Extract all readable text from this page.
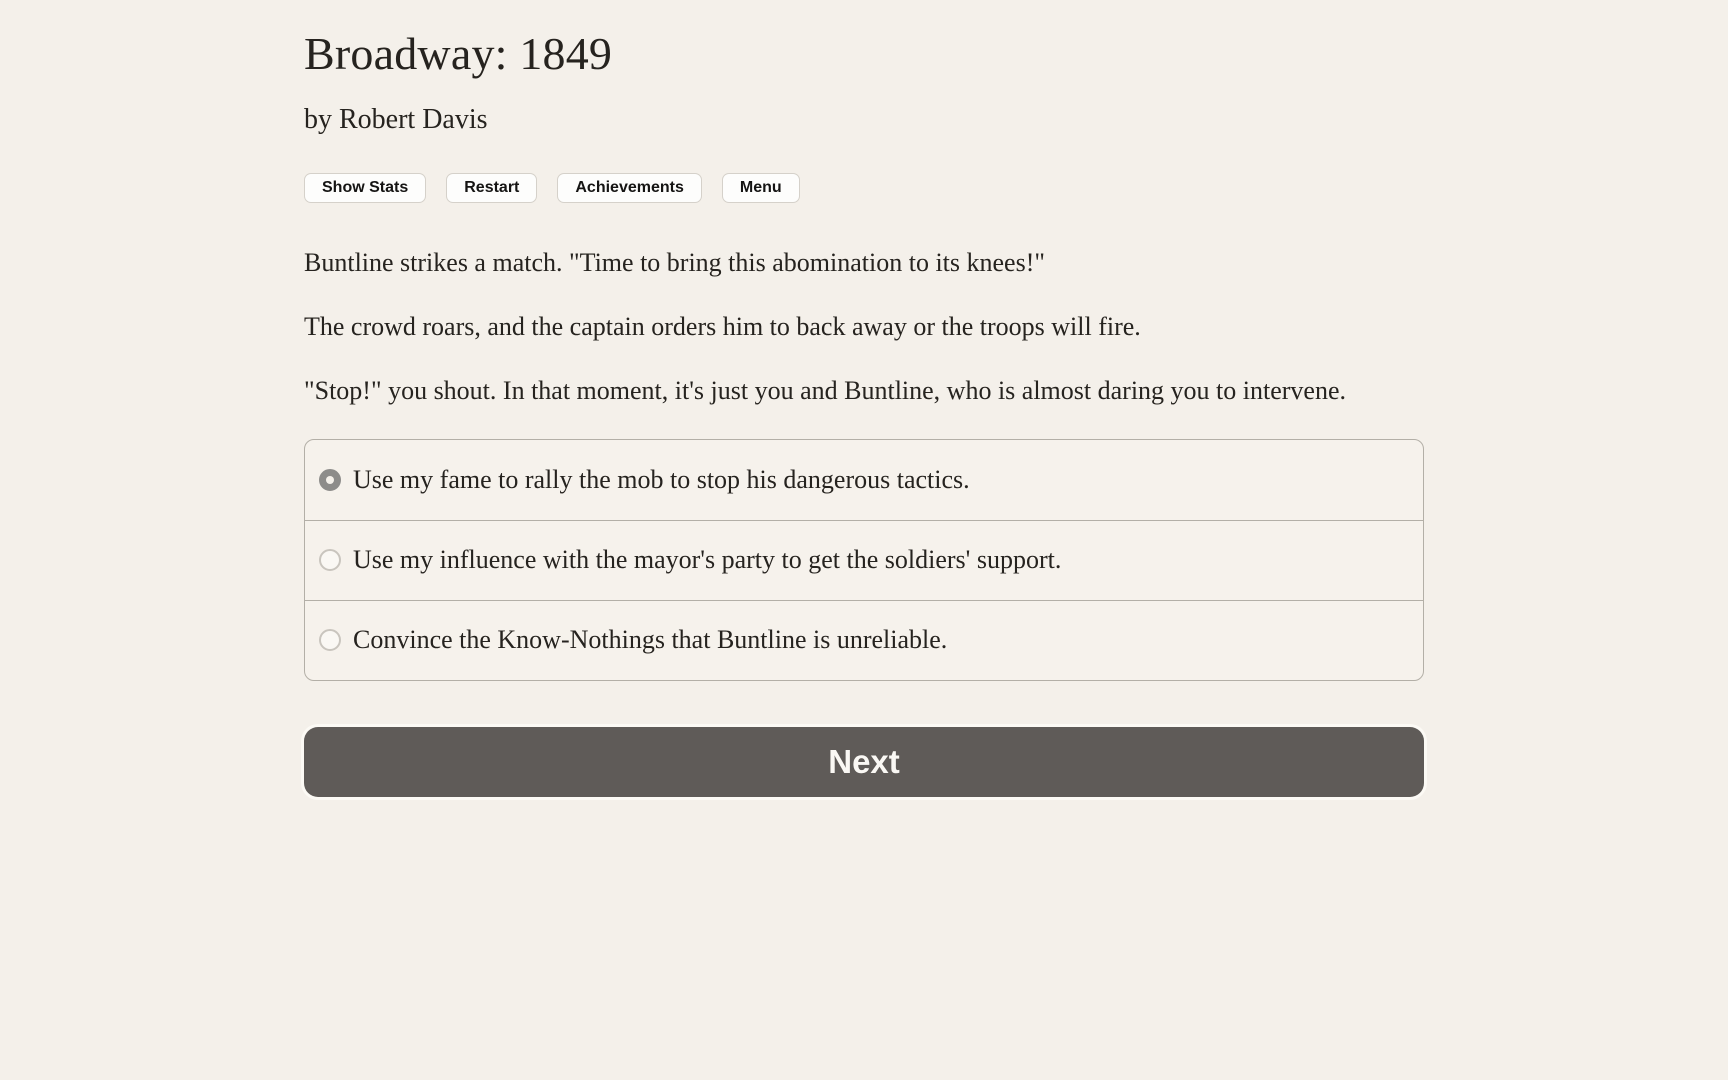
Broadway: 1849
by Robert Davis
Show Stats	Restart	Achievements	Menu

Buntline strikes a match. "Time to bring this abomination to its knees!"

The crowd roars, and the captain orders him to back away or the troops will fire.

"Stop!" you shout. In that moment, it's just you and Buntline, who is almost daring you to intervene.

Use my fame to rally the mob to stop his dangerous tactics.
Use my influence with the mayor's party to get the soldiers' support.
Convince the Know-Nothings that Buntline is unreliable.
Next
